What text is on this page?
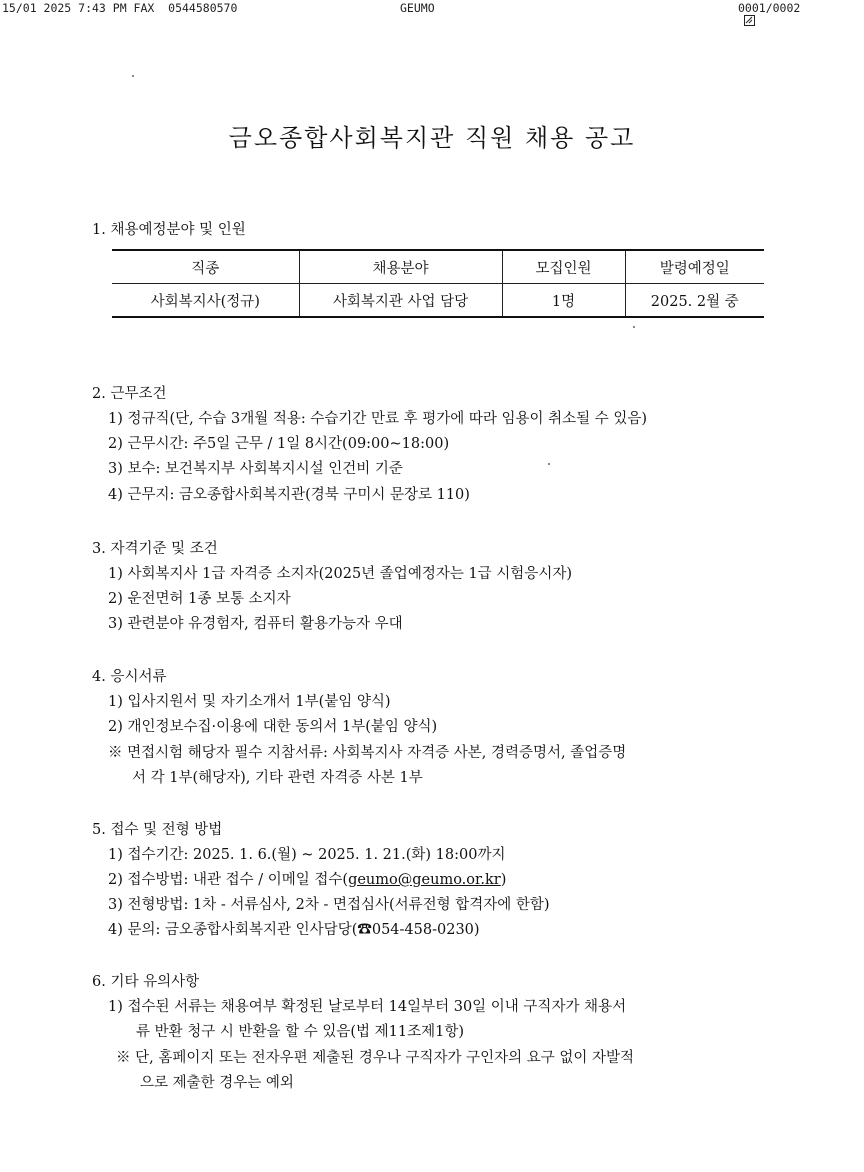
15/01 2025 7:43 PM FAX  0544580570	GEUMO

	0001/0002
금오종합사회복지관 직원 채용 공고
1. 채용예정분야 및 인원
직종	채용분야	모집인원	발령예정일
사회복지사(정규)	사회복지관 사업 담당	1명	2025. 2월 중
2. 근무조건
1) 정규직(단, 수습 3개월 적용: 수습기간 만료 후 평가에 따라 임용이 취소될 수 있음)
2) 근무시간: 주5일 근무 / 1일 8시간(09:00~18:00)
3) 보수: 보건복지부 사회복지시설 인건비 기준
4) 근무지: 금오종합사회복지관(경북 구미시 문장로 110)
3. 자격기준 및 조건
1) 사회복지사 1급 자격증 소지자(2025년 졸업예정자는 1급 시험응시자)
2) 운전면허 1종 보통 소지자
3) 관련분야 유경험자, 컴퓨터 활용가능자 우대
4. 응시서류
1) 입사지원서 및 자기소개서 1부(붙임 양식)
2) 개인정보수집·이용에 대한 동의서 1부(붙임 양식)
※ 면접시험 해당자 필수 지참서류: 사회복지사 자격증 사본, 경력증명서, 졸업증명
서 각 1부(해당자), 기타 관련 자격증 사본 1부
5. 접수 및 전형 방법
1) 접수기간: 2025. 1. 6.(월) ~ 2025. 1. 21.(화) 18:00까지
2) 접수방법: 내관 접수 / 이메일 접수(geumo@geumo.or.kr)
3) 전형방법: 1차 - 서류심사, 2차 - 면접심사(서류전형 합격자에 한함)
4) 문의: 금오종합사회복지관 인사담당(☎054-458-0230)
6. 기타 유의사항
1) 접수된 서류는 채용여부 확정된 날로부터 14일부터 30일 이내 구직자가 채용서
류 반환 청구 시 반환을 할 수 있음(법 제11조제1항)
※ 단, 홈페이지 또는 전자우편 제출된 경우나 구직자가 구인자의 요구 없이 자발적
으로 제출한 경우는 예외
